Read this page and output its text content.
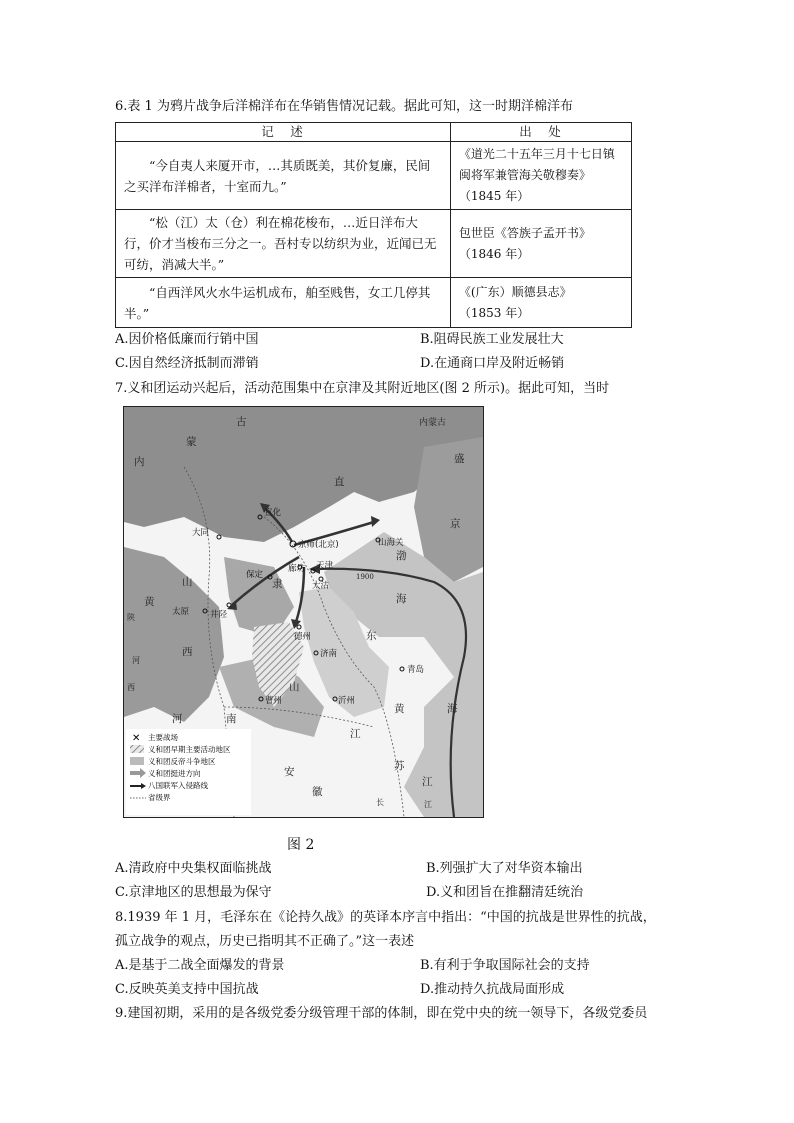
6.表 1 为鸦片战争后洋棉洋布在华销售情况记载。据此可知，这一时期洋棉洋布
记　述	出　处
“今自夷人来厦开市，…其质既美，其价复廉，民间之买洋布洋棉者，十室而九。”	《道光二十五年三月十七日镇闽将军兼管海关敬穆奏》
（1845 年）

“松（江）太（仓）利在棉花梭布，…近日洋布大行，价才当梭布三分之一。吾村专以纺织为业，近闻已无可纺，消减大半。”	包世臣《答族子孟开书》
（1846 年）

“自西洋风火水牛运机成布，舶至贱售，女工几停其半。”	《(广东）顺德县志》
（1853 年）
A.因价格低廉而行销中国	B.阻碍民族工业发展壮大
C.因自然经济抵制而滞销	D.在通商口岸及附近畅销
7.义和团运动兴起后，活动范围集中在京津及其附近地区(图 2 所示)。据此可知，当时
1900
内蒙古
蒙
古
内	盛
直
京
渤
海
山	隶
黄
西
陕
西
河
河	南
山
东
黄	海
江
苏
安
徽
长
江
江
宣化
大同
京师(北京)	山海关
保定
廊坊 天津
大沽
太原 井陉
德州
济南
青岛
曹州	沂州
✕ 主要战场
义和团早期主要活动地区
义和团反帝斗争地区
义和团挺进方向
八国联军入侵路线
省级界
图 2
A.清政府中央集权面临挑战	B.列强扩大了对华资本输出
C.京津地区的思想最为保守	D.义和团旨在推翻清廷统治
8.1939 年 1 月，毛泽东在《论持久战》的英译本序言中指出：“中国的抗战是世界性的抗战，
孤立战争的观点，历史已指明其不正确了。”这一表述
A.是基于二战全面爆发的背景	B.有利于争取国际社会的支持
C.反映英美支持中国抗战	D.推动持久抗战局面形成
9.建国初期，采用的是各级党委分级管理干部的体制，即在党中央的统一领导下，各级党委员
